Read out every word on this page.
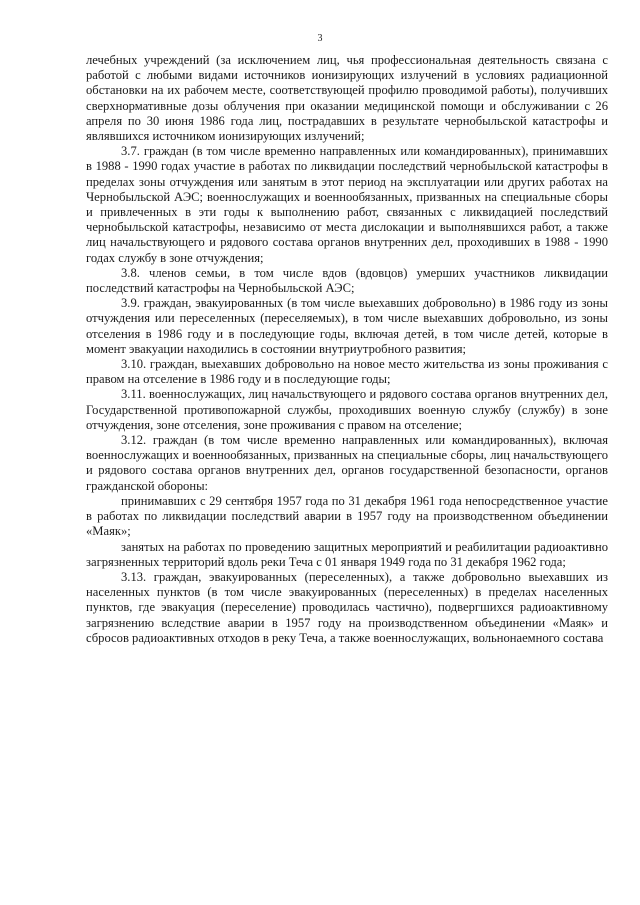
3

лечебных учреждений (за исключением лиц, чья профессиональная деятельность связана с работой с любыми видами источников ионизирующих излучений в условиях радиационной обстановки на их рабочем месте, соответствующей профилю проводимой работы), получивших сверхнормативные дозы облучения при оказании медицинской помощи и обслуживании с 26 апреля по 30 июня 1986 года лиц, пострадавших в результате чернобыльской катастрофы и являвшихся источником ионизирующих излучений;

3.7. граждан (в том числе временно направленных или командированных), принимавших в 1988 - 1990 годах участие в работах по ликвидации последствий чернобыльской катастрофы в пределах зоны отчуждения или занятым в этот период на эксплуатации или других работах на Чернобыльской АЭС; военнослужащих и военнообязанных, призванных на специальные сборы и привлеченных в эти годы к выполнению работ, связанных с ликвидацией последствий чернобыльской катастрофы, независимо от места дислокации и выполнявшихся работ, а также лиц начальствующего и рядового состава органов внутренних дел, проходивших в 1988 - 1990 годах службу в зоне отчуждения;

3.8. членов семьи, в том числе вдов (вдовцов) умерших участников ликвидации последствий катастрофы на Чернобыльской АЭС;

3.9. граждан, эвакуированных (в том числе выехавших добровольно) в 1986 году из зоны отчуждения или переселенных (переселяемых), в том числе выехавших добровольно, из зоны отселения в 1986 году и в последующие годы, включая детей, в том числе детей, которые в момент эвакуации находились в состоянии внутриутробного развития;

3.10. граждан, выехавших добровольно на новое место жительства из зоны проживания с правом на отселение в 1986 году и в последующие годы;

3.11. военнослужащих, лиц начальствующего и рядового состава органов внутренних дел, Государственной противопожарной службы, проходивших военную службу (службу) в зоне отчуждения, зоне отселения, зоне проживания с правом на отселение;

3.12. граждан (в том числе временно направленных или командированных), включая военнослужащих и военнообязанных, призванных на специальные сборы, лиц начальствующего и рядового состава органов внутренних дел, органов государственной безопасности, органов гражданской обороны:

принимавших с 29 сентября 1957 года по 31 декабря 1961 года непосредственное участие в работах по ликвидации последствий аварии в 1957 году на производственном объединении «Маяк»;

занятых на работах по проведению защитных мероприятий и реабилитации радиоактивно загрязненных территорий вдоль реки Теча с 01 января 1949 года по 31 декабря 1962 года;

3.13. граждан, эвакуированных (переселенных), а также добровольно выехавших из населенных пунктов (в том числе эвакуированных (переселенных) в пределах населенных пунктов, где эвакуация (переселение) проводилась частично), подвергшихся радиоактивному загрязнению вследствие аварии в 1957 году на производственном объединении «Маяк» и сбросов радиоактивных отходов в реку Теча, а также военнослужащих, вольнонаемного состава
